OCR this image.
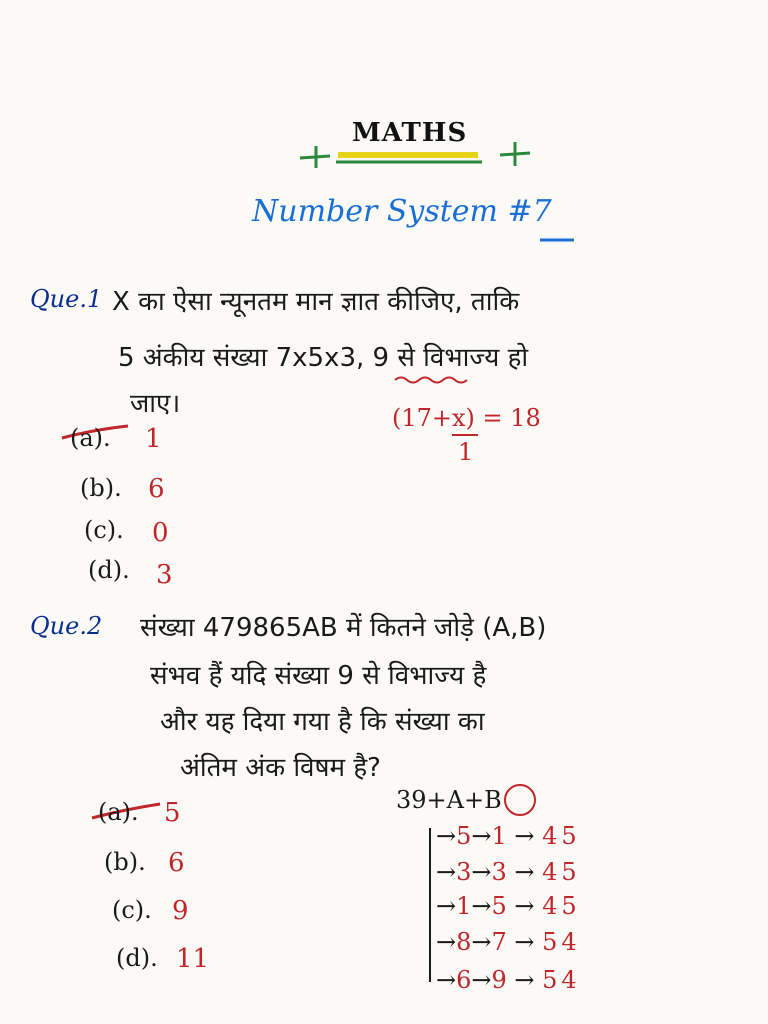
MATHS
Number System #7
Que.1 X का ऐसा न्यूनतम मान ज्ञात कीजिए, ताकि
5 अंकीय संख्या 7x5x3, 9 से विभाज्य हो
जाए।	(17+x) = 18
1
(a). 1
(b). 6
(c). 0
(d). 3
Que.2 संख्या 479865AB में कितने जोड़े (A,B)
संभव हैं यदि संख्या 9 से विभाज्य है
और यह दिया गया है कि संख्या का
अंतिम अंक विषम है?
39+A+B
→5→1 → 45
→3→3 → 45
→1→5 → 45
→8→7 → 54
→6→9 → 54
(a). 5
(b). 6
(c). 9
(d). 11
